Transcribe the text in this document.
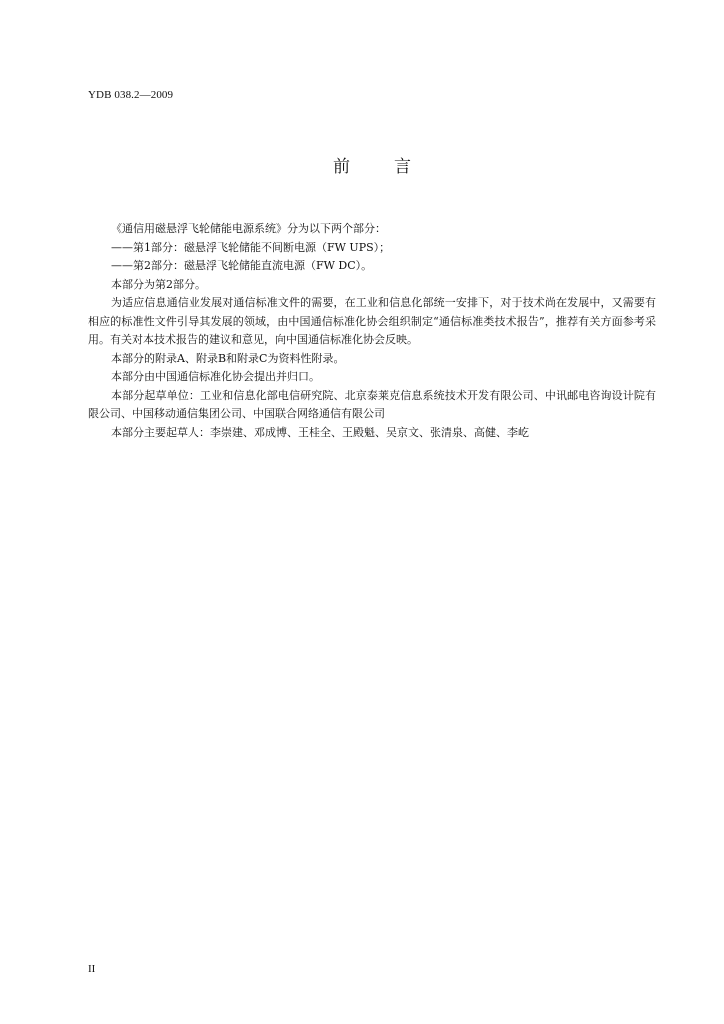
YDB 038.2—2009
前	言

《通信用磁悬浮飞轮储能电源系统》分为以下两个部分：

——第1部分：磁悬浮飞轮储能不间断电源（FW UPS）；

——第2部分：磁悬浮飞轮储能直流电源（FW DC）。

本部分为第2部分。

为适应信息通信业发展对通信标准文件的需要，在工业和信息化部统一安排下，对于技术尚在发展中，又需要有相应的标准性文件引导其发展的领域，由中国通信标准化协会组织制定“通信标准类技术报告”，推荐有关方面参考采用。有关对本技术报告的建议和意见，向中国通信标准化协会反映。

本部分的附录A、附录B和附录C为资料性附录。

本部分由中国通信标准化协会提出并归口。

本部分起草单位：工业和信息化部电信研究院、北京泰莱克信息系统技术开发有限公司、中讯邮电咨询设计院有限公司、中国移动通信集团公司、中国联合网络通信有限公司

本部分主要起草人：李崇建、邓成博、王桂全、王殿魁、吴京文、张清泉、高健、李屹

II
